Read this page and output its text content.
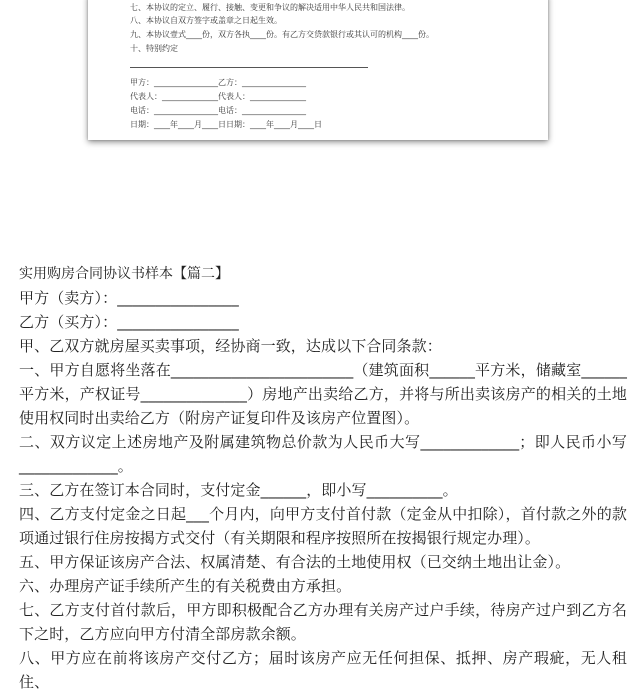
七、本协议的定立、履行、接触、变更和争议的解决适用中华人民共和国法律。
八、本协议自双方签字或盖章之日起生效。
九、本协议壹式____份，双方各执____份。有乙方交贷款银行或其认可的机构____份。
十、特别约定
甲方：________________乙方：________________
代表人：______________代表人：______________
电话：________________电话：________________
日期：____年____月____日日期：____年____月____日
实用购房合同协议书样本【篇二】

甲方（卖方）：________________

乙方（买方）：________________

甲、乙双方就房屋买卖事项，经协商一致，达成以下合同条款：

一、甲方自愿将坐落在________________________（建筑面积______平方米，储藏室______平方米，产权证号______________）房地产出卖给乙方，并将与所出卖该房产的相关的土地使用权同时出卖给乙方（附房产证复印件及该房产位置图）。

二、双方议定上述房地产及附属建筑物总价款为人民币大写_____________；即人民币小写_____________。

三、乙方在签订本合同时，支付定金______，即小写__________。

四、乙方支付定金之日起___个月内，向甲方支付首付款（定金从中扣除），首付款之外的款项通过银行住房按揭方式交付（有关期限和程序按照所在按揭银行规定办理）。

五、甲方保证该房产合法、权属清楚、有合法的土地使用权（已交纳土地出让金）。

六、办理房产证手续所产生的有关税费由方承担。

七、乙方支付首付款后，甲方即积极配合乙方办理有关房产过户手续，待房产过户到乙方名下之时，乙方应向甲方付清全部房款余额。

八、甲方应在前将该房产交付乙方；届时该房产应无任何担保、抵押、房产瑕疵，无人租住、
